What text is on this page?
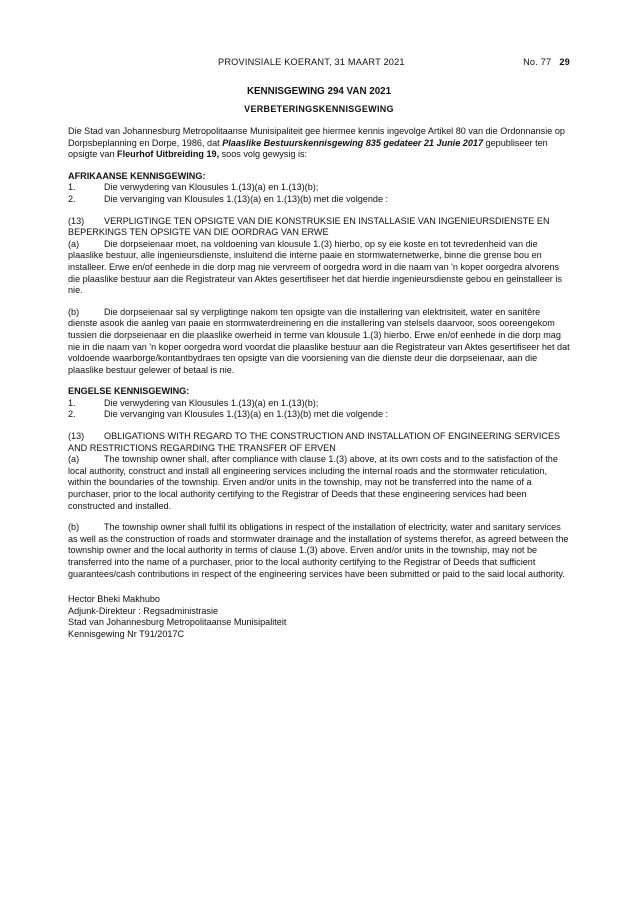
PROVINSIALE KOERANT, 31 MAART 2021	No. 77 29
KENNISGEWING 294 VAN 2021
VERBETERINGSKENNISGEWING

Die Stad van Johannesburg Metropolitaanse Munisipaliteit gee hiermee kennis ingevolge Artikel 80 van die Ordonnansie op Dorpsbeplanning en Dorpe, 1986, dat Plaaslike Bestuurskennisgewing 835 gedateer 21 Junie 2017 gepubliseer ten opsigte van Fleurhof Uitbreiding 19, soos volg gewysig is:

AFRIKAANSE KENNISGEWING:

1.	Die verwydering van Klousules 1.(13)(a) en 1.(13)(b);
2.	Die vervanging van Klousules 1.(13)(a) en 1.(13)(b) met die volgende :

(13) VERPLIGTINGE TEN OPSIGTE VAN DIE KONSTRUKSIE EN INSTALLASIE VAN INGENIEURSDIENSTE EN BEPERKINGS TEN OPSIGTE VAN DIE OORDRAG VAN ERWE

(a)	Die dorpseienaar moet, na voldoening van klousule 1.(3) hierbo, op sy eie koste en tot tevredenheid van die plaaslike bestuur, alle ingenieursdienste, insluitend die interne paaie en stormwaternetwerke, binne die grense bou en installeer. Erwe en/of eenhede in die dorp mag nie vervreem of oorgedra word in die naam van 'n koper oorgedra alvorens die plaaslike bestuur aan die Registrateur van Aktes gesertifiseer het dat hierdie ingenieursdienste gebou en geinstalleer is nie.

(b)	Die dorpseienaar sal sy verpligtinge nakom ten opsigte van die installering van elektrisiteit, water en sanitêre dienste asook die aanleg van paaie en stormwaterdreinering en die installering van stelsels daarvoor, soos ooreengekom tussien die dorpseienaar en die plaaslike owerheid in terme van klousule 1.(3) hierbo. Erwe en/of eenhede in die dorp mag nie in die naam van 'n koper oorgedra word voordat die plaaslike bestuur aan die Registrateur van Aktes gesertifiseer het dat voldoende waarborge/kontantbydraes ten opsigte van die voorsiening van die dienste deur die dorpseienaar, aan die plaaslike bestuur gelewer of betaal is nie.

ENGELSE KENNISGEWING:

1.	Die verwydering van Klousules 1.(13)(a) en 1.(13)(b);
2.	Die vervanging van Klousules 1.(13)(a) en 1.(13)(b) met die volgende :

(13) OBLIGATIONS WITH REGARD TO THE CONSTRUCTION AND INSTALLATION OF ENGINEERING SERVICES AND RESTRICTIONS REGARDING THE TRANSFER OF ERVEN

(a)	The township owner shall, after compliance with clause 1.(3) above, at its own costs and to the satisfaction of the local authority, construct and install all engineering services including the internal roads and the stormwater reticulation, within the boundaries of the township. Erven and/or units in the township, may not be transferred into the name of a purchaser, prior to the local authority certifying to the Registrar of Deeds that these engineering services had been constructed and installed.

(b)	The township owner shall fulfil its obligations in respect of the installation of electricity, water and sanitary services as well as the construction of roads and stormwater drainage and the installation of systems therefor, as agreed between the township owner and the local authority in terms of clause 1.(3) above. Erven and/or units in the township, may not be transferred into the name of a purchaser, prior to the local authority certifying to the Registrar of Deeds that sufficient guarantees/cash contributions in respect of the engineering services have been submitted or paid to the said local authority.

Hector Bheki Makhubo

Adjunk-Direkteur : Regsadministrasie

Stad van Johannesburg Metropolitaanse Munisipaliteit

Kennisgewing Nr T91/2017C
